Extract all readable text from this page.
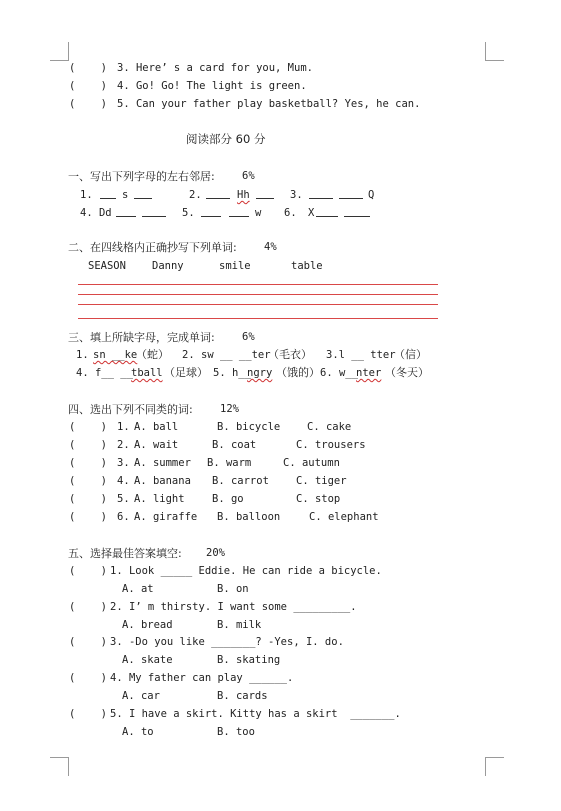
(    ) 3. Here’ s a card for you, Mum.
(    ) 4. Go! Go! The light is green.
(    ) 5. Can your father play basketball? Yes, he can.
阅读部分 60 分
一、写出下列字母的左右邻居:	6%
1.	s	2.	Hh	3.	Q
4. Dd	5.	w 6. X
二、在四线格内正确抄写下列单词:	4%
SEASON Danny	smile	table
三、填上所缺字母，完成单词:	6%
1. sn __ke
（蛇） 2. sw __ __ter
（毛衣） 3.l __ tter
（信）
4. f__ __
tball （足球） 5. h__
ngry （饿的） 6. w__
nter （冬天）
四、选出下列不同类的词:	12%
(    ) 1. A. ball	B. bicycle	C. cake
(    ) 2. A. wait	B. coat	C. trousers
(    ) 3. A. summer B. warm	C. autumn
(    ) 4. A. banana B. carrot	C. tiger
(    ) 5. A. light	B. go	C. stop
(    ) 6. A. giraffe B. balloon	C. elephant
五、选择最佳答案填空: 20%
(    ) 1. Look _____ Eddie. He can ride a bicycle.
A. at	B. on
(    ) 2. I’ m thirsty. I want some _________.
A. bread	B. milk
(    ) 3. -Do you like _______? -Yes, I. do.
A. skate	B. skating
(    ) 4. My father can play ______.
A. car	B. cards
(    ) 5. I have a skirt. Kitty has a skirt  _______.
A. to	B. too
